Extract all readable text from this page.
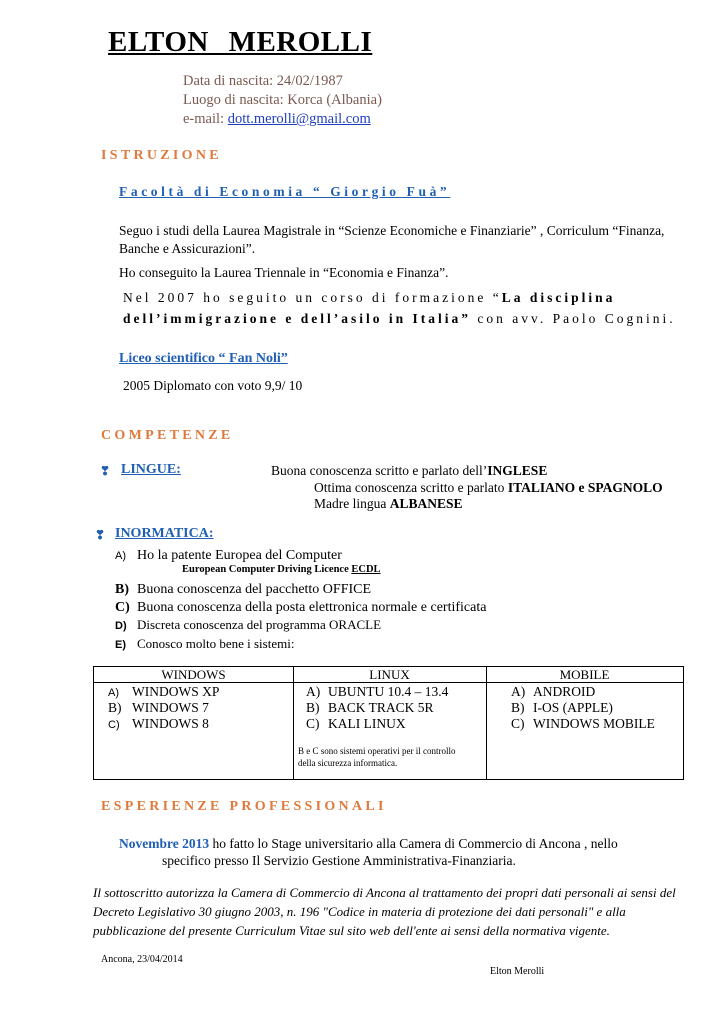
ELTON MEROLLI
Data di nascita: 24/02/1987
Luogo di nascita: Korca (Albania)
e-mail: dott.merolli@gmail.com
ISTRUZIONE
Facoltà di Economia “ Giorgio Fuà”
Seguo i studi della Laurea Magistrale in “Scienze Economiche e Finanziarie” , Corriculum “Finanza,
Banche e Assicurazioni”.
Ho conseguito la Laurea Triennale in “Economia e Finanza”.
Nel 2007 ho seguito un corso di formazione “La disciplina
dell’immigrazione e dell’asilo in Italia” con avv. Paolo Cognini.
Liceo scientifico “ Fan Noli”
2005 Diplomato con voto 9,9/ 10
COMPETENZE
❣ LINGUE:	Buona conoscenza scritto e parlato dell’INGLESE
Ottima conoscenza scritto e parlato ITALIANO e SPAGNOLO
Madre lingua ALBANESE
❣ INORMATICA:
A) Ho la patente Europea del Computer
European Computer Driving Licence ECDL
B) Buona conoscenza del pacchetto OFFICE
C) Buona conoscenza della posta elettronica normale e certificata
D) Discreta conoscenza del programma ORACLE
E) Conosco molto bene i sistemi:
WINDOWS
A) WINDOWS XP
B) WINDOWS 7
C) WINDOWS 8
LINUX
A) UBUNTU 10.4 – 13.4
B) BACK TRACK 5R
C) KALI LINUX
B e C sono sistemi operativi per il controllo
della sicurezza informatica.
MOBILE
A) ANDROID
B) I-OS (APPLE)
C) WINDOWS MOBILE
ESPERIENZE PROFESSIONALI
Novembre 2013 ho fatto lo Stage universitario alla Camera di Commercio di Ancona , nello
specifico presso Il Servizio Gestione Amministrativa-Finanziaria.
Il sottoscritto autorizza la Camera di Commercio di Ancona al trattamento dei propri dati personali ai sensi del Decreto Legislativo 30 giugno 2003, n. 196 "Codice in materia di protezione dei dati personali" e alla pubblicazione del presente Curriculum Vitae sul sito web dell'ente ai sensi della normativa vigente.
Ancona, 23/04/2014
Elton Merolli
